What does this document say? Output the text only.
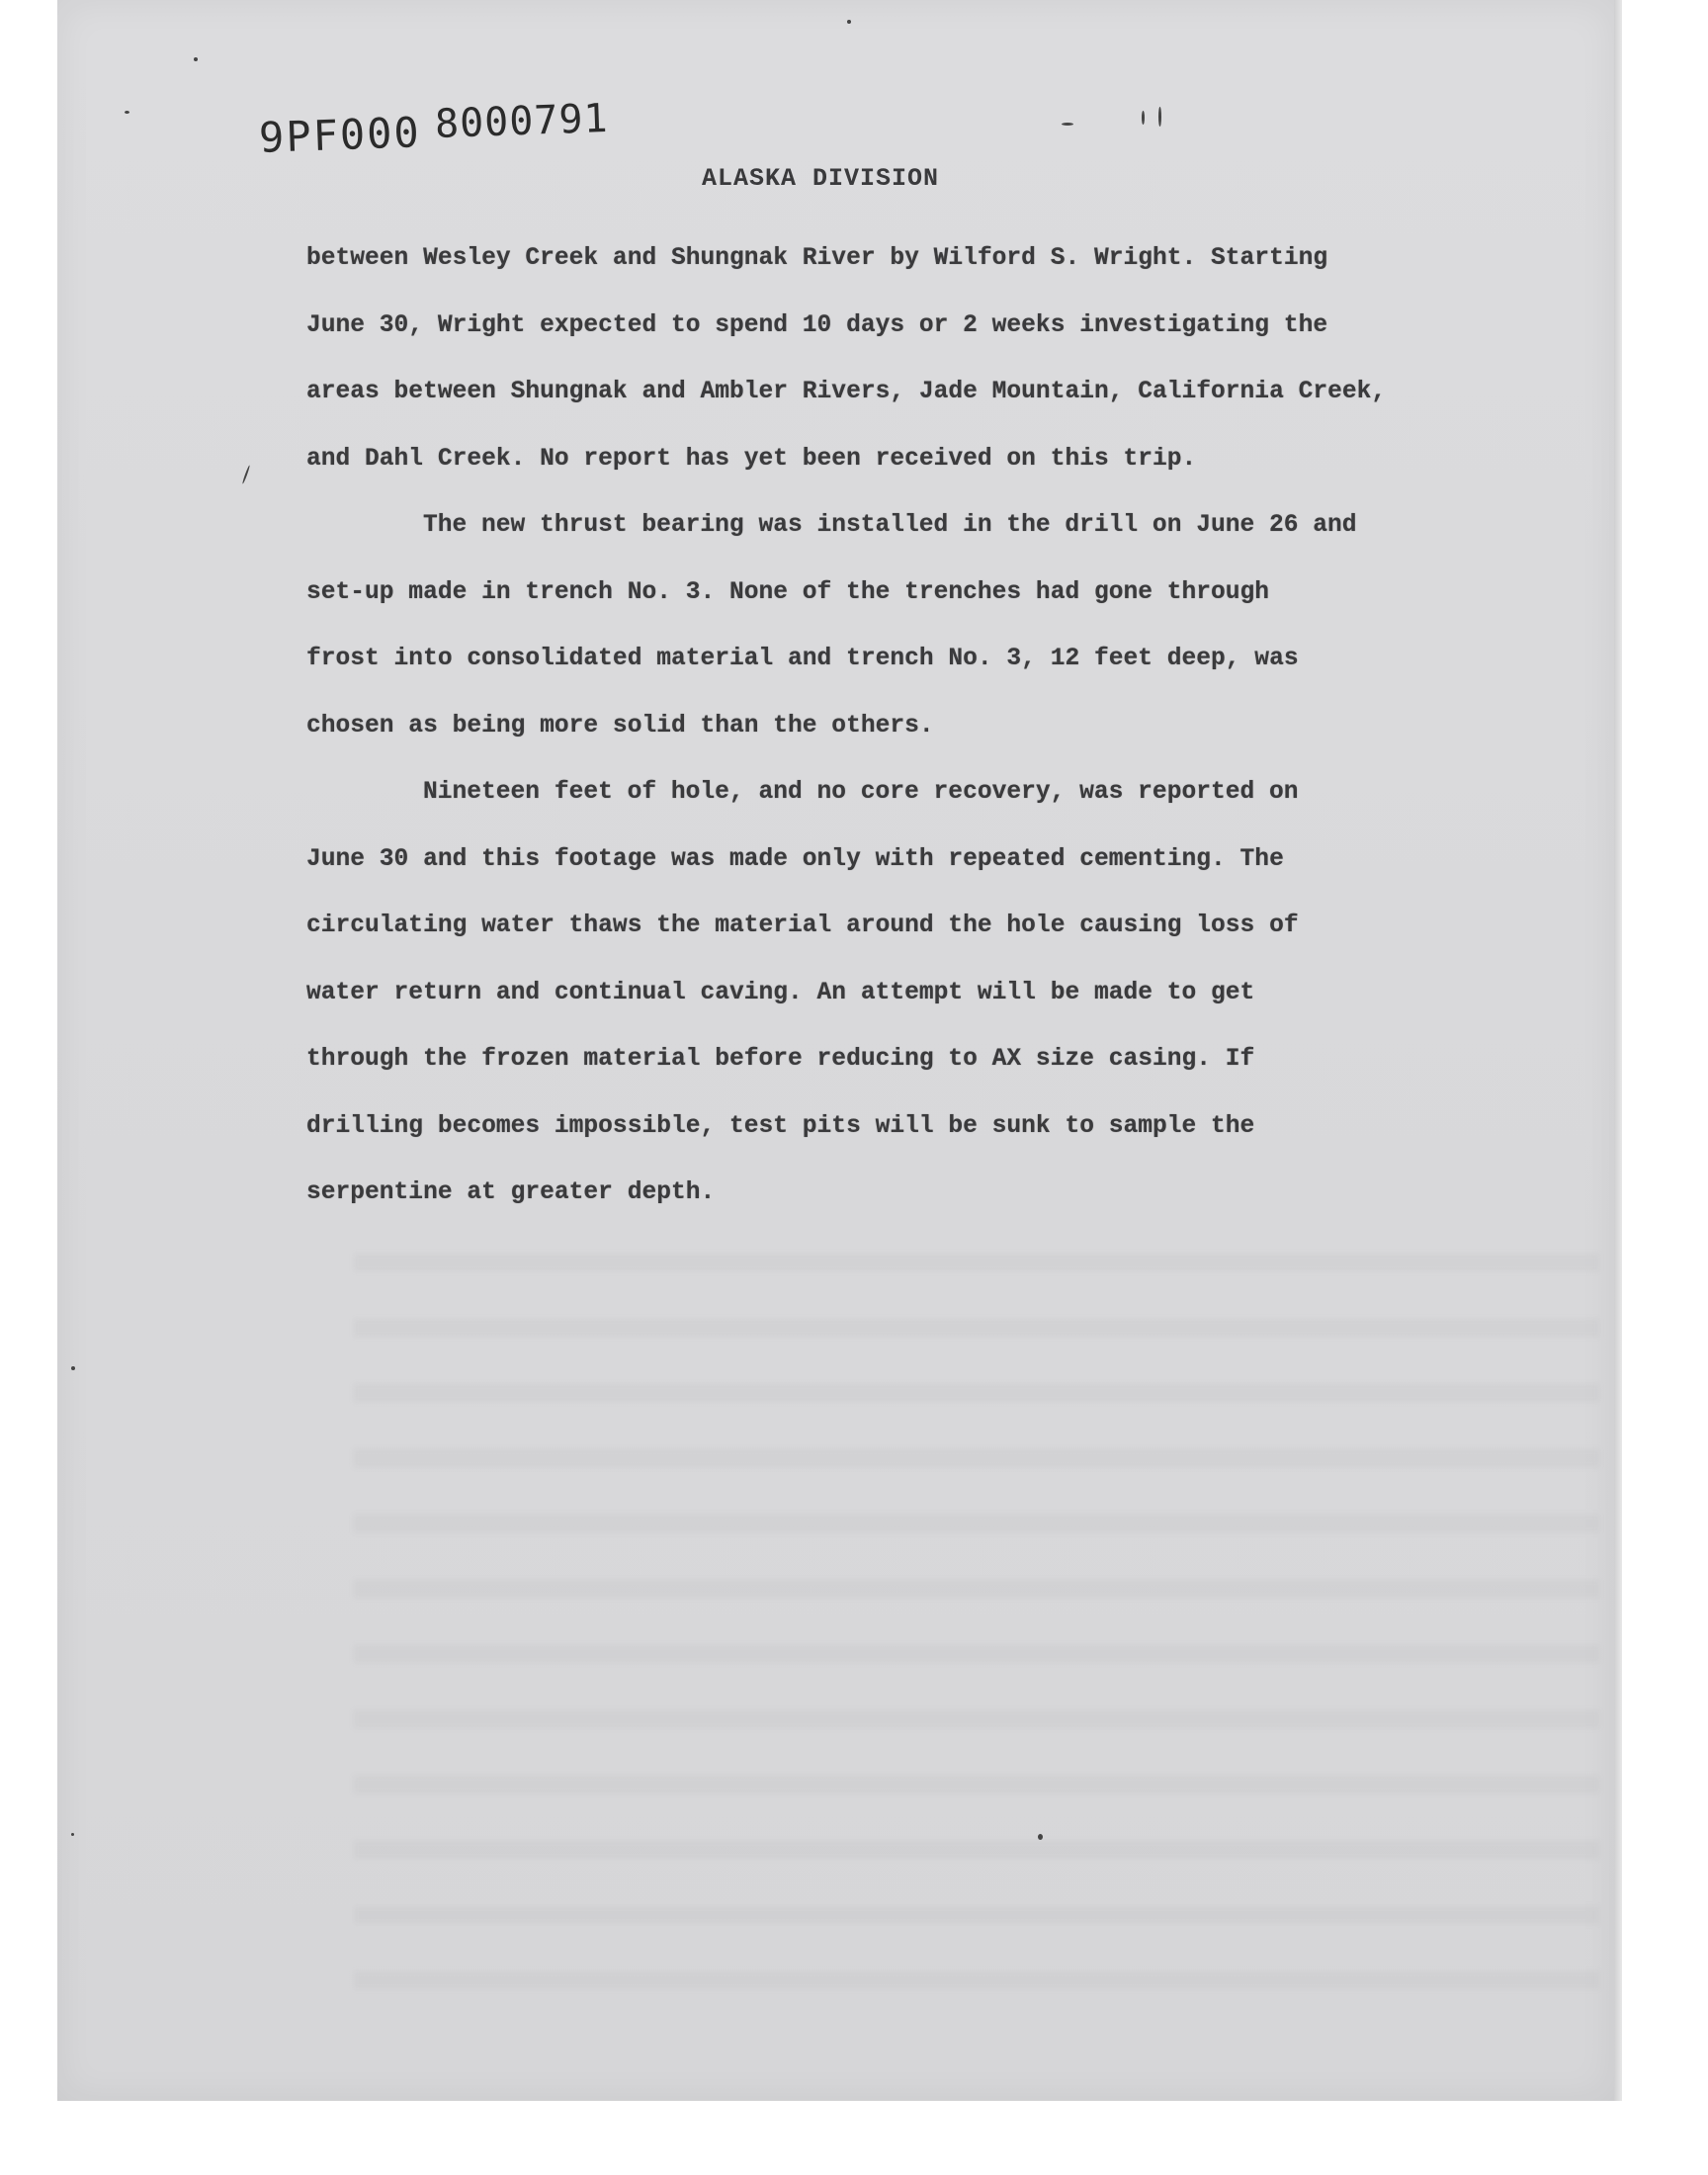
9PF000 8000791
ALASKA DIVISION
between Wesley Creek and Shungnak River by Wilford S. Wright. Starting
June 30, Wright expected to spend 10 days or 2 weeks investigating the
areas between Shungnak and Ambler Rivers, Jade Mountain, California Creek,
and Dahl Creek. No report has yet been received on this trip.
The new thrust bearing was installed in the drill on June 26 and
set-up made in trench No. 3. None of the trenches had gone through
frost into consolidated material and trench No. 3, 12 feet deep, was
chosen as being more solid than the others.
Nineteen feet of hole, and no core recovery, was reported on
June 30 and this footage was made only with repeated cementing. The
circulating water thaws the material around the hole causing loss of
water return and continual caving. An attempt will be made to get
through the frozen material before reducing to AX size casing. If
drilling becomes impossible, test pits will be sunk to sample the
serpentine at greater depth.
